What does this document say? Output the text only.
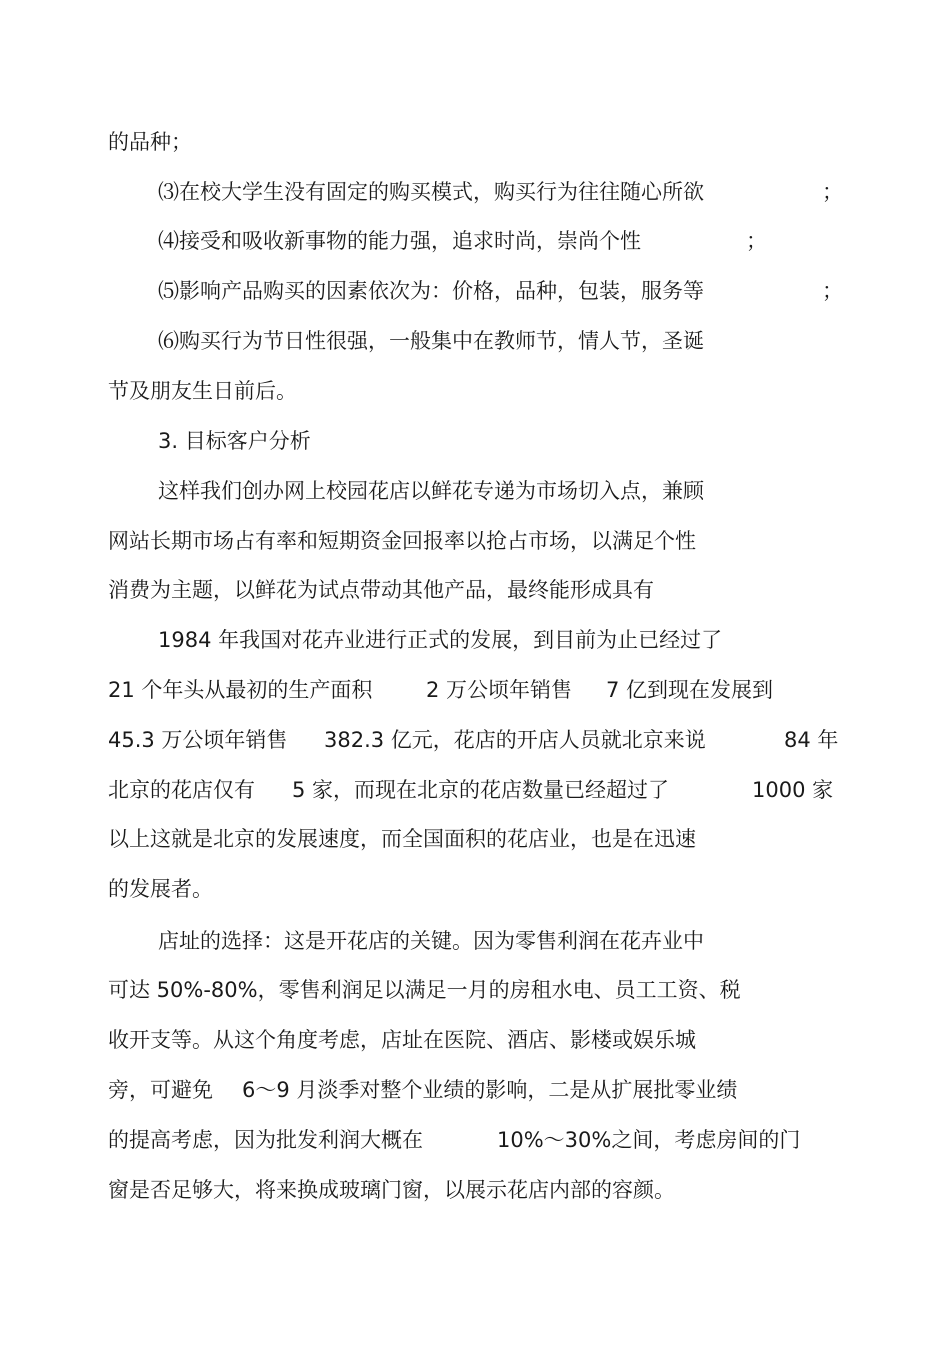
的品种；
⑶在校大学生没有固定的购买模式，购买行为往往随心所欲	；
⑷接受和吸收新事物的能力强，追求时尚，崇尚个性	；
⑸影响产品购买的因素依次为：价格，品种，包装，服务等	；
⑹购买行为节日性很强，一般集中在教师节，情人节，圣诞
节及朋友生日前后。
3. 目标客户分析
这样我们创办网上校园花店以鲜花专递为市场切入点，兼顾
网站长期市场占有率和短期资金回报率以抢占市场，以满足个性
消费为主题，以鲜花为试点带动其他产品，最终能形成具有
1984 年我国对花卉业进行正式的发展，到目前为止已经过了
21 个年头从最初的生产面积	2 万公顷年销售 7 亿到现在发展到
45.3 万公顷年销售 382.3 亿元，花店的开店人员就北京来说	84 年
北京的花店仅有 5 家，而现在北京的花店数量已经超过了	1000 家
以上这就是北京的发展速度，而全国面积的花店业，也是在迅速
的发展者。
店址的选择：这是开花店的关键。因为零售利润在花卉业中
可达 50%-80%，零售利润足以满足一月的房租水电、员工工资、税
收开支等。从这个角度考虑，店址在医院、酒店、影楼或娱乐城
旁，可避免 6～9 月淡季对整个业绩的影响，二是从扩展批零业绩
的提高考虑，因为批发利润大概在	10%～30%之间，考虑房间的门
窗是否足够大，将来换成玻璃门窗，以展示花店内部的容颜。
